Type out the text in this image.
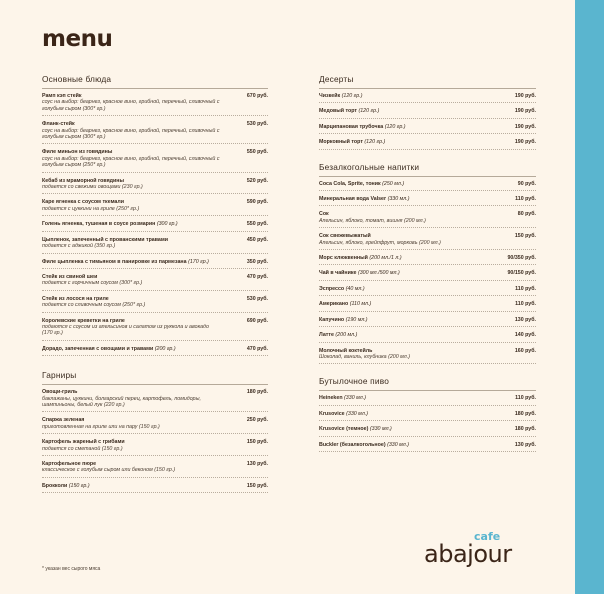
menu
Основные блюда
Рамп кэп стейк
соус на выбор: беарнез, красное вино, грибной, перечный, сливочный с голубым сыром (300* гр.)
670 руб.
Фланк-стейк
соус на выбор: беарнез, красное вино, грибной, перечный, сливочный с голубым сыром (300* гр.)
530 руб.
Филе миньон из говядины
соус на выбор: беарнез, красное вино, грибной, перечный, сливочный с голубым сыром (250* гр.)
550 руб.
Кебаб из мраморной говядины
подается со свежими овощами (230 гр.)
520 руб.
Каре ягненка с соусом ткемали
подается с цуккини на гриле (250* гр.)
590 руб.
Голень ягненка, тушеная в соусе розмарин (300 гр.)	550 руб.
Цыпленок, запеченный с прованскими травами
подается с аджикой (350 гр.)
450 руб.
Филе цыпленка с тимьяном в панировке из пармезана (170 гр.)	350 руб.
Стейк из свиной шеи
подается с горчичным соусом (300* гр.)
470 руб.
Стейк из лосося на гриле
подается со сливочным соусом (250* гр.)
530 руб.
Королевские креветки на гриле
подаются с соусом из апельсинов и салатом из руккола и авокадо (170 гр.)
690 руб.
Дорадо, запеченная с овощами и травами (200 гр.)	470 руб.
Гарниры
Овощи-гриль
баклажаны, цуккини, болгарский перец, картофель, помидоры, шампиньоны, белый лук (220 гр.)
180 руб.
Спаржа зеленая
приготовленная на гриле или на пару (150 гр.)
250 руб.
Картофель жареный с грибами
подается со сметаной (150 гр.)
150 руб.
Картофельное пюре
классическое с голубым сыром или беконом (150 гр.)
130 руб.
Брокколи (150 гр.)	150 руб.
Десерты
Чизкейк (120 гр.)	190 руб.
Медовый торт (120 гр.)	190 руб.
Марципановая трубочка (120 гр.)	190 руб.
Морковный торт (120 гр.)	190 руб.
Безалкогольные напитки
Coca Cola, Sprite, тоник (250 мл.)	90 руб.
Минеральная вода Valser (330 мл.)	110 руб.
Сок
Апельсин, яблоко, томат, вишня (200 мл.)
80 руб.
Сок свежевыжатый
Апельсин, яблоко, грейпфрут, морковь (200 мл.)
150 руб.
Морс клюквенный (200 мл./1 л.)	90/350 руб.
Чай в чайнике (300 мл./500 мл.)	90/150 руб.
Эспрессо (40 мл.)	110 руб.
Американо (110 мл.)	110 руб.
Капучино (190 мл.)	130 руб.
Латте (200 мл.)	140 руб.
Молочный коктейль
Шоколад, ваниль, клубника (200 мл.)
160 руб.
Бутылочное пиво
Heineken (330 мл.)	110 руб.
Krusovice (330 мл.)	180 руб.
Krusovice (темное) (330 мл.)	180 руб.
Buckler (безалкогольное) (330 мл.)	130 руб.
* указан вес сырого мяса
cafe
abajour
